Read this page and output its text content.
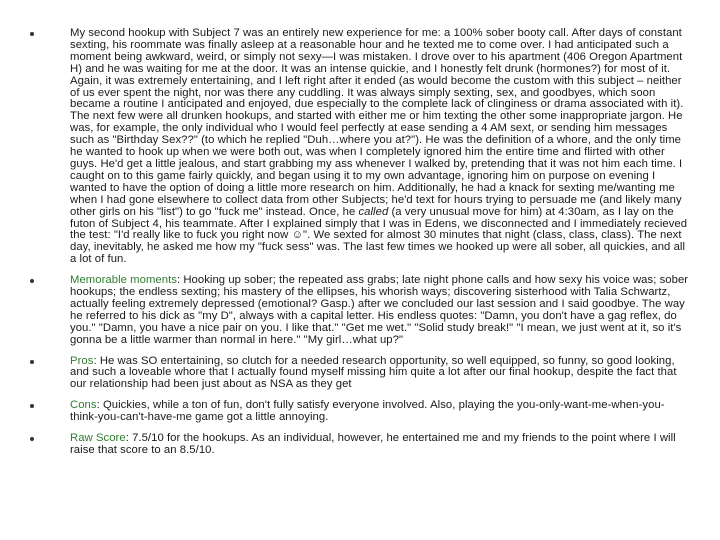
My second hookup with Subject 7 was an entirely new experience for me: a 100% sober booty call. After days of constant sexting, his roommate was finally asleep at a reasonable hour and he texted me to come over. I had anticipated such a moment being awkward, weird, or simply not sexy—I was mistaken. I drove over to his apartment (406 Oregon Apartment H) and he was waiting for me at the door. It was an intense quickie, and I honestly felt drunk (hormones?) for most of it. Again, it was extremely entertaining, and I left right after it ended (as would become the custom with this subject – neither of us ever spent the night, nor was there any cuddling. It was always simply sexting, sex, and goodbyes, which soon became a routine I anticipated and enjoyed, due especially to the complete lack of clinginess or drama associated with it). The next few were all drunken hookups, and started with either me or him texting the other some inappropriate jargon. He was, for example, the only individual who I would feel perfectly at ease sending a 4 AM sext, or sending him messages such as "Birthday Sex??" (to which he replied "Duh…where you at?"). He was the definition of a whore, and the only time he wanted to hook up when we were both out, was when I completely ignored him the entire time and flirted with other guys. He'd get a little jealous, and start grabbing my ass whenever I walked by, pretending that it was not him each time. I caught on to this game fairly quickly, and began using it to my own advantage, ignoring him on purpose on evening I wanted to have the option of doing a little more research on him. Additionally, he had a knack for sexting me/wanting me when I had gone elsewhere to collect data from other Subjects; he'd text for hours trying to persuade me (and likely many other girls on his "list") to go "fuck me" instead. Once, he called (a very unusual move for him) at 4:30am, as I lay on the futon of Subject 4, his teammate. After I explained simply that I was in Edens, we disconnected and I immediately recieved the test: "I'd really like to fuck you right now ☺". We sexted for almost 30 minutes that night (class, class, class). The next day, inevitably, he asked me how my "fuck sess" was. The last few times we hooked up were all sober, all quickies, and all a lot of fun.
Memorable moments: Hooking up sober; the repeated ass grabs; late night phone calls and how sexy his voice was; sober hookups; the endless sexting; his mastery of the ellipses, his whorish ways; discovering sisterhood with Talia Schwartz, actually feeling extremely depressed (emotional? Gasp.) after we concluded our last session and I said goodbye. The way he referred to his dick as "my D", always with a capital letter. His endless quotes: "Damn, you don't have a gag reflex, do you." "Damn, you have a nice pair on you. I like that." "Get me wet." "Solid study break!" "I mean, we just went at it, so it's gonna be a little warmer than normal in here." "My girl…what up?"
Pros: He was SO entertaining, so clutch for a needed research opportunity, so well equipped, so funny, so good looking, and such a loveable whore that I actually found myself missing him quite a lot after our final hookup, despite the fact that our relationship had been just about as NSA as they get
Cons: Quickies, while a ton of fun, don't fully satisfy everyone involved. Also, playing the you-only-want-me-when-you-think-you-can't-have-me game got a little annoying.
Raw Score: 7.5/10 for the hookups. As an individual, however, he entertained me and my friends to the point where I will raise that score to an 8.5/10.
